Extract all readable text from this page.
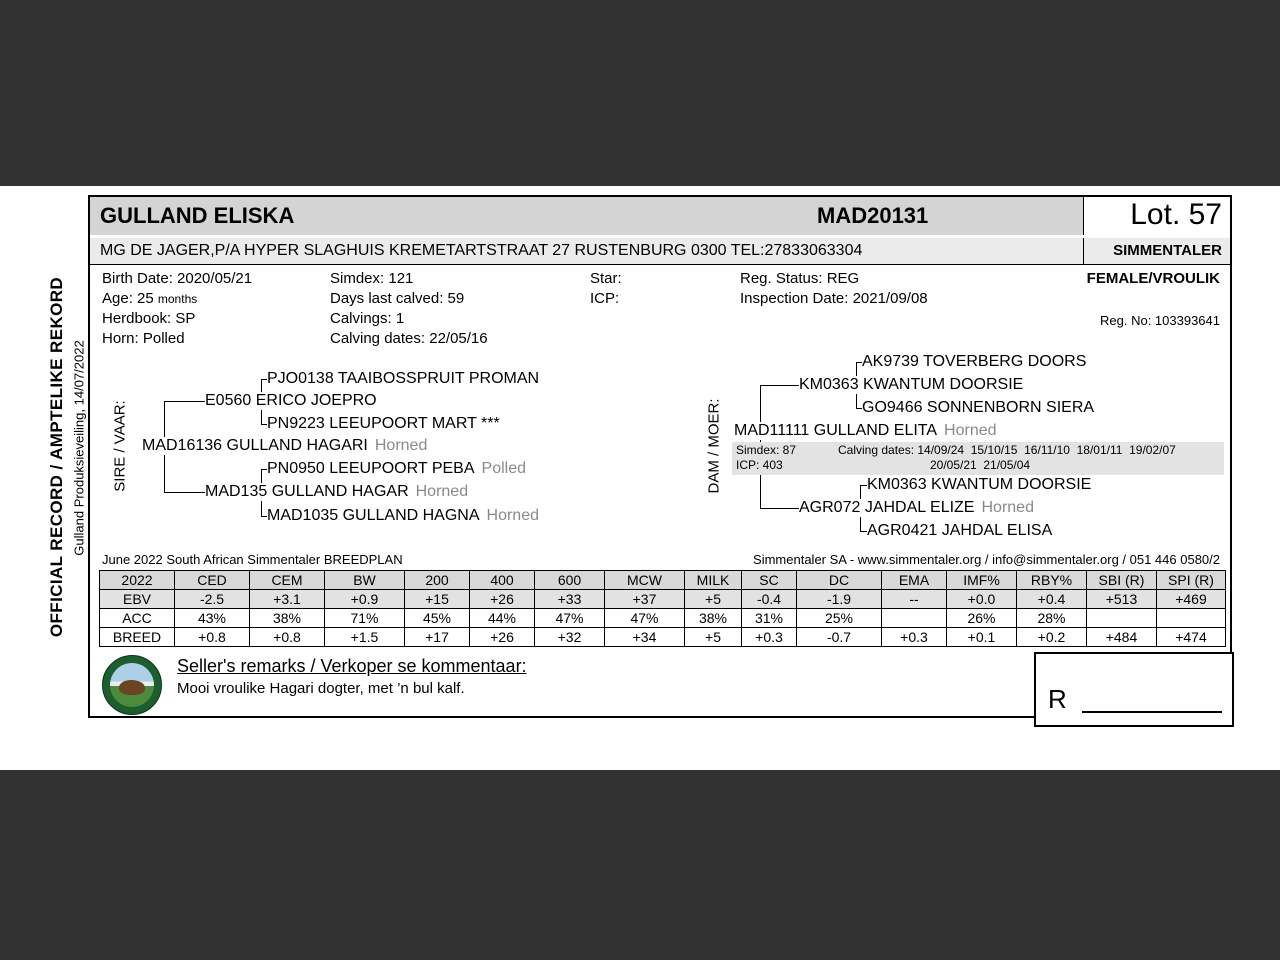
OFFICIAL RECORD / AMPTELIKE REKORD Gulland Produksieveiling, 14/07/2022
GULLAND ELISKA	MAD20131	Lot. 57
MG DE JAGER,P/A HYPER SLAGHUIS KREMETARTSTRAAT 27 RUSTENBURG 0300 TEL:27833063304	SIMMENTALER
Birth Date: 2020/05/21	Simdex: 121	Star:	Reg. Status: REG	FEMALE/VROULIK
Age: 25 months	Days last calved: 59	ICP:	Inspection Date: 2021/09/08
Herdbook: SP	Calvings: 1	Reg. No: 103393641
Horn: Polled	Calving dates: 22/05/16
SIRE / VAAR:	DAM / MOER:
PJO0138 TAAIBOSSPRUIT PROMAN
E0560 ERICO JOEPRO
PN9223 LEEUPOORT MART ***
MAD16136 GULLAND HAGARI Horned
PN0950 LEEUPOORT PEBA Polled
MAD135 GULLAND HAGAR Horned
MAD1035 GULLAND HAGNA Horned
AK9739 TOVERBERG DOORS
KM0363 KWANTUM DOORSIE
GO9466 SONNENBORN SIERA
MAD11111 GULLAND ELITA Horned
Simdex: 87
ICP: 403
Calving dates: 14/09/24  15/10/15  16/11/10  18/01/11  19/02/07
20/05/21  21/05/04
KM0363 KWANTUM DOORSIE
AGR072 JAHDAL ELIZE Horned
AGR0421 JAHDAL ELISA
June 2022 South African Simmentaler BREEDPLAN	Simmentaler SA - www.simmentaler.org / info@simmentaler.org / 051 446 0580/2
2022	CED	CEM	BW	200	400	600	MCW	MILK	SC	DC	EMA	IMF%	RBY%	SBI (R)	SPI (R)
EBV	-2.5	+3.1	+0.9	+15	+26	+33	+37	+5	-0.4	-1.9	--	+0.0	+0.4	+513	+469
ACC	43%	38%	71%	45%	44%	47%	47%	38%	31%	25%		26%	28%		
BREED	+0.8	+0.8	+1.5	+17	+26	+32	+34	+5	+0.3	-0.7	+0.3	+0.1	+0.2	+484	+474
Seller's remarks / Verkoper se kommentaar:
Mooi vroulike Hagari dogter, met ’n bul kalf.	R
